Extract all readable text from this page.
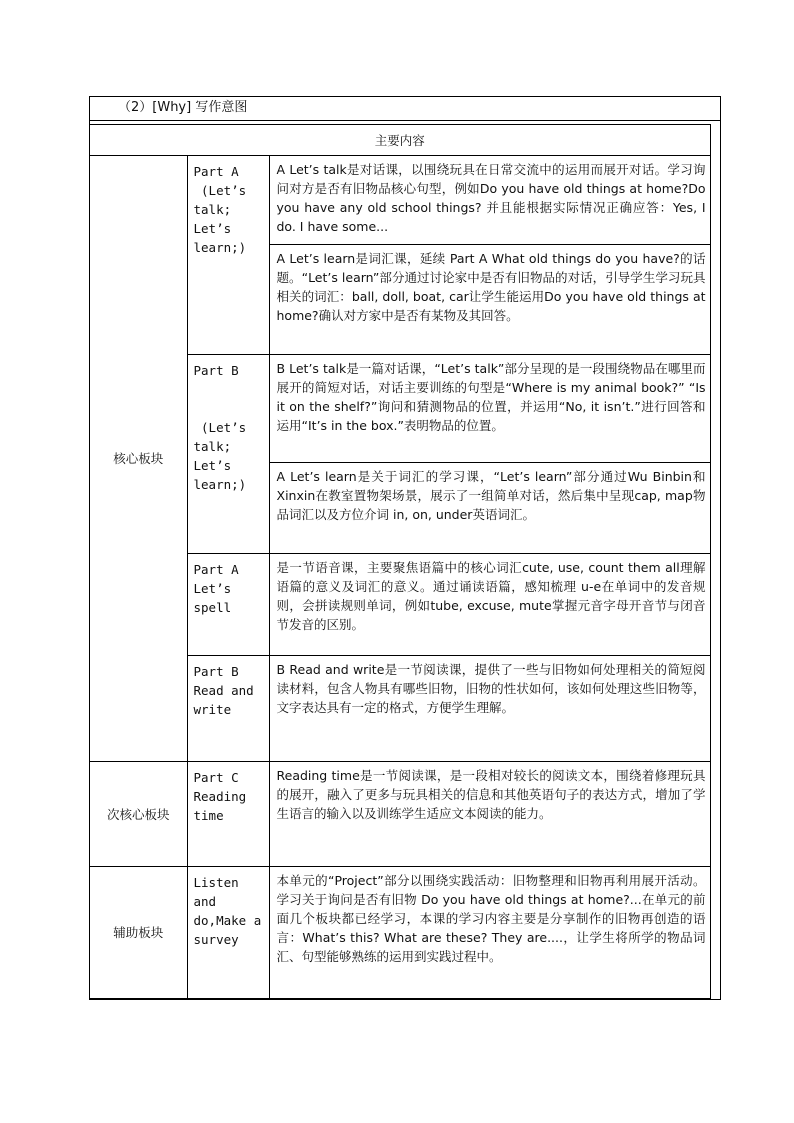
（2）[Why] 写作意图
主要内容		
核心板块	Part A
(Let’s
talk;
Let’s
learn;)	A Let’s talk是对话课，以围绕玩具在日常交流中的运用而展开对话。学习询问对方是否有旧物品核心句型，例如Do you have old things at home?Do you have any old school things? 并且能根据实际情况正确应答：Yes, I do. I have some...
		A Let’s learn是词汇课，延续 Part A What old things do you have?的话题。“Let’s learn”部分通过讨论家中是否有旧物品的对话，引导学生学习玩具相关的词汇：ball, doll, boat, car让学生能运用Do you have old things at home?确认对方家中是否有某物及其回答。

	Part B
(Let’s
talk;
Let’s
learn;)	B Let’s talk是一篇对话课，“Let’s talk”部分呈现的是一段围绕物品在哪里而展开的简短对话，对话主要训练的句型是“Where is my animal book?” “Is it on the shelf?”询问和猜测物品的位置，并运用“No, it isn’t.”进行回答和运用“It’s in the box.”表明物品的位置。
		A Let’s learn是关于词汇的学习课，“Let’s learn”部分通过Wu Binbin和Xinxin在教室置物架场景，展示了一组简单对话，然后集中呈现cap, map物品词汇以及方位介词 in, on, under英语词汇。

	Part A
Let’s
spell	是一节语音课，主要聚焦语篇中的核心词汇cute, use, count them all理解语篇的意义及词汇的意义。通过诵读语篇，感知梳理 u-e在单词中的发音规则，会拼读规则单词，例如tube, excuse, mute掌握元音字母开音节与闭音节发音的区别。

	Part B
Read and
write	B Read and write是一节阅读课，提供了一些与旧物如何处理相关的简短阅读材料，包含人物具有哪些旧物，旧物的性状如何，该如何处理这些旧物等，文字表达具有一定的格式，方便学生理解。
次核心板块	Part C
Reading
time	Reading time是一节阅读课，是一段相对较长的阅读文本，围绕着修理玩具的展开，融入了更多与玩具相关的信息和其他英语句子的表达方式，增加了学生语言的输入以及训练学生适应文本阅读的能力。
辅助板块	Listen
and
do,Make a
survey	本单元的“Project”部分以围绕实践活动：旧物整理和旧物再利用展开活动。学习关于询问是否有旧物 Do you have old things at home?...在单元的前面几个板块都已经学习，本课的学习内容主要是分享制作的旧物再创造的语言：What’s this? What are these? They are....，让学生将所学的物品词汇、句型能够熟练的运用到实践过程中。
